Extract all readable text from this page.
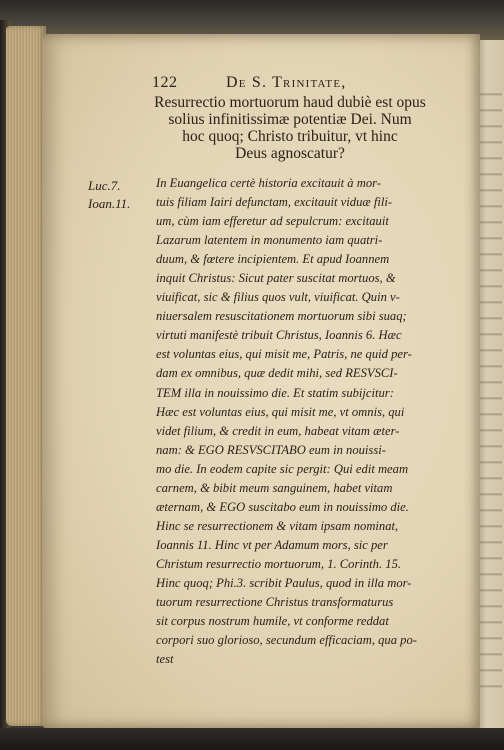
122	De S. Trinitate,
Resurrectio mortuorum haud dubiè est opus
solius infinitissimæ potentiæ Dei. Num
hoc quoq; Christo tribuitur, vt hinc
Deus agnoscatur?
Luc.7.
Ioan.11.
In Euangelica certè historia excitauit à mor-
tuis filiam Iairi defunctam, excitauit viduæ fili-
um, cùm iam efferetur ad sepulcrum: excitauit
Lazarum latentem in monumento iam quatri-
duum, & fœtere incipientem. Et apud Ioannem
inquit Christus: Sicut pater suscitat mortuos, &
viuificat, sic & filius quos vult, viuificat. Quin v-
niuersalem resuscitationem mortuorum sibi suaq;
virtuti manifestè tribuit Christus, Ioannis 6. Hæc
est voluntas eius, qui misit me, Patris, ne quid per-
dam ex omnibus, quæ dedit mihi, sed RESVSCI-
TEM illa in nouissimo die. Et statim subijcitur:
Hæc est voluntas eius, qui misit me, vt omnis, qui
videt filium, & credit in eum, habeat vitam æter-
nam: & EGO RESVSCITABO eum in nouissi-
mo die. In eodem capite sic pergit: Qui edit meam
carnem, & bibit meum sanguinem, habet vitam
æternam, & EGO suscitabo eum in nouissimo die.
Hinc se resurrectionem & vitam ipsam nominat,
Ioannis 11. Hinc vt per Adamum mors, sic per
Christum resurrectio mortuorum, 1. Corinth. 15.
Hinc quoq; Phi.3. scribit Paulus, quod in illa mor-
tuorum resurrectione Christus transformaturus
sit corpus nostrum humile, vt conforme reddat
corpori suo glorioso, secundum efficaciam, qua po-
test
